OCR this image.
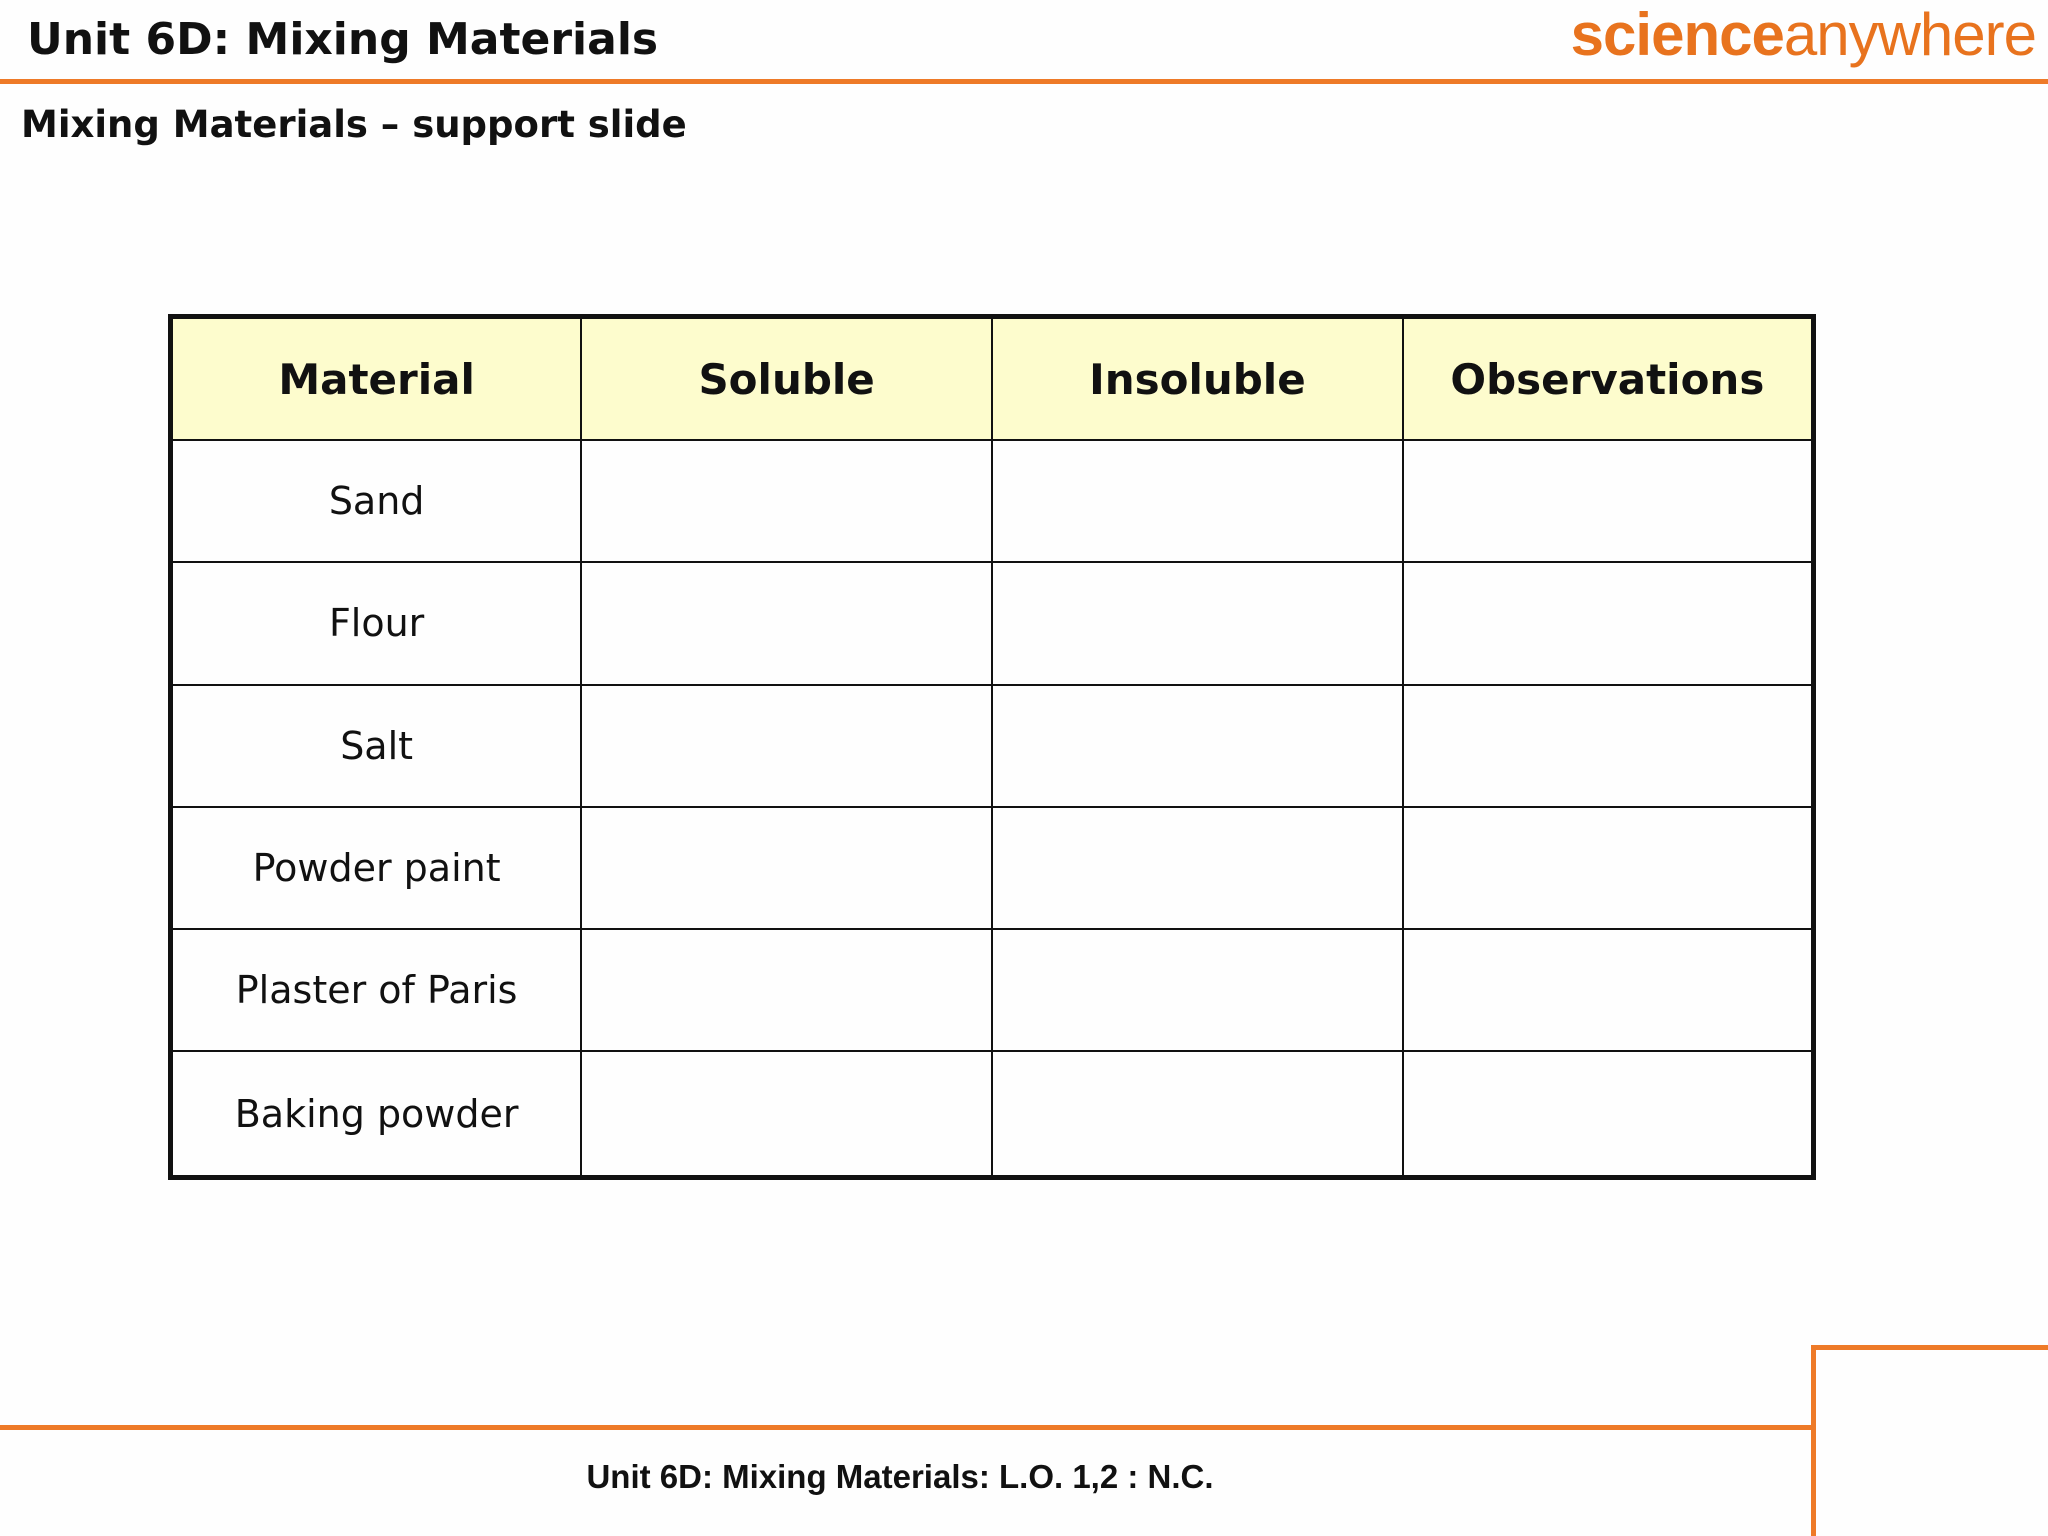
Unit 6D: Mixing Materials	scienceanywhere
Mixing Materials – support slide
Material	Soluble	Insoluble	Observations
Sand			
Flour			
Salt			
Powder paint			
Plaster of Paris			
Baking powder			
Unit 6D: Mixing Materials: L.O. 1,2 : N.C.
